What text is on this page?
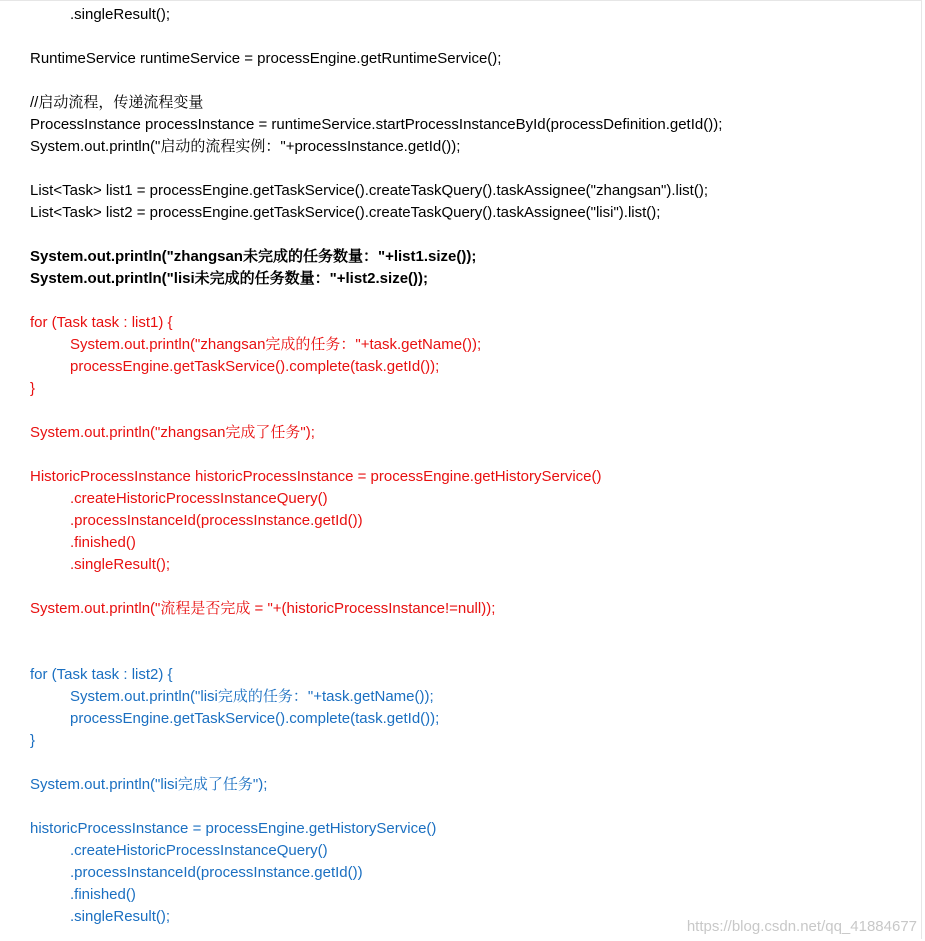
.singleResult();
RuntimeService runtimeService = processEngine.getRuntimeService();
//启动流程，传递流程变量
ProcessInstance processInstance = runtimeService.startProcessInstanceById(processDefinition.getId());
System.out.println("启动的流程实例："+processInstance.getId());
List<Task> list1 = processEngine.getTaskService().createTaskQuery().taskAssignee("zhangsan").list();
List<Task> list2 = processEngine.getTaskService().createTaskQuery().taskAssignee("lisi").list();
System.out.println("zhangsan未完成的任务数量："+list1.size());
System.out.println("lisi未完成的任务数量："+list2.size());
for (Task task : list1) {
System.out.println("zhangsan完成的任务："+task.getName());
processEngine.getTaskService().complete(task.getId());
}
System.out.println("zhangsan完成了任务");
HistoricProcessInstance historicProcessInstance = processEngine.getHistoryService()
.createHistoricProcessInstanceQuery()
.processInstanceId(processInstance.getId())
.finished()
.singleResult();
System.out.println("流程是否完成 = "+(historicProcessInstance!=null));
for (Task task : list2) {
System.out.println("lisi完成的任务："+task.getName());
processEngine.getTaskService().complete(task.getId());
}
System.out.println("lisi完成了任务");
historicProcessInstance = processEngine.getHistoryService()
.createHistoricProcessInstanceQuery()
.processInstanceId(processInstance.getId())
.finished()
.singleResult();
https://blog.csdn.net/qq_41884677
